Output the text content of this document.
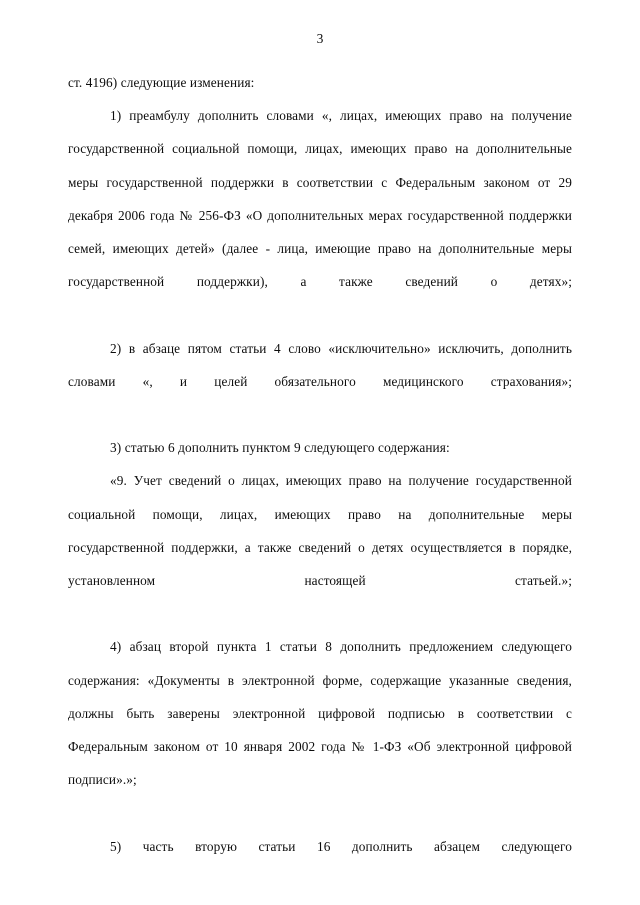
3

ст. 4196) следующие изменения:

1) преамбулу дополнить словами «, лицах, имеющих право на получение государственной социальной помощи, лицах, имеющих право на дополнительные меры государственной поддержки в соответствии с Федеральным законом от 29 декабря 2006 года № 256-ФЗ «О дополнительных мерах государственной поддержки семей, имеющих детей» (далее - лица, имеющие право на дополнительные меры государственной поддержки), а также сведений о детях»;

2) в абзаце пятом статьи 4 слово «исключительно» исключить, дополнить словами «, и целей обязательного медицинского страхования»;

3) статью 6 дополнить пунктом 9 следующего содержания:

«9. Учет сведений о лицах, имеющих право на получение государственной социальной помощи, лицах, имеющих право на дополнительные меры государственной поддержки, а также сведений о детях осуществляется в порядке, установленном настоящей статьей.»;

4) абзац второй пункта 1 статьи 8 дополнить предложением следующего содержания: «Документы в электронной форме, содержащие указанные сведения, должны быть заверены электронной цифровой подписью в соответствии с Федеральным законом от 10 января 2002 года № 1-ФЗ «Об электронной цифровой подписи».»;

5) часть вторую статьи 16 дополнить абзацем следующего
